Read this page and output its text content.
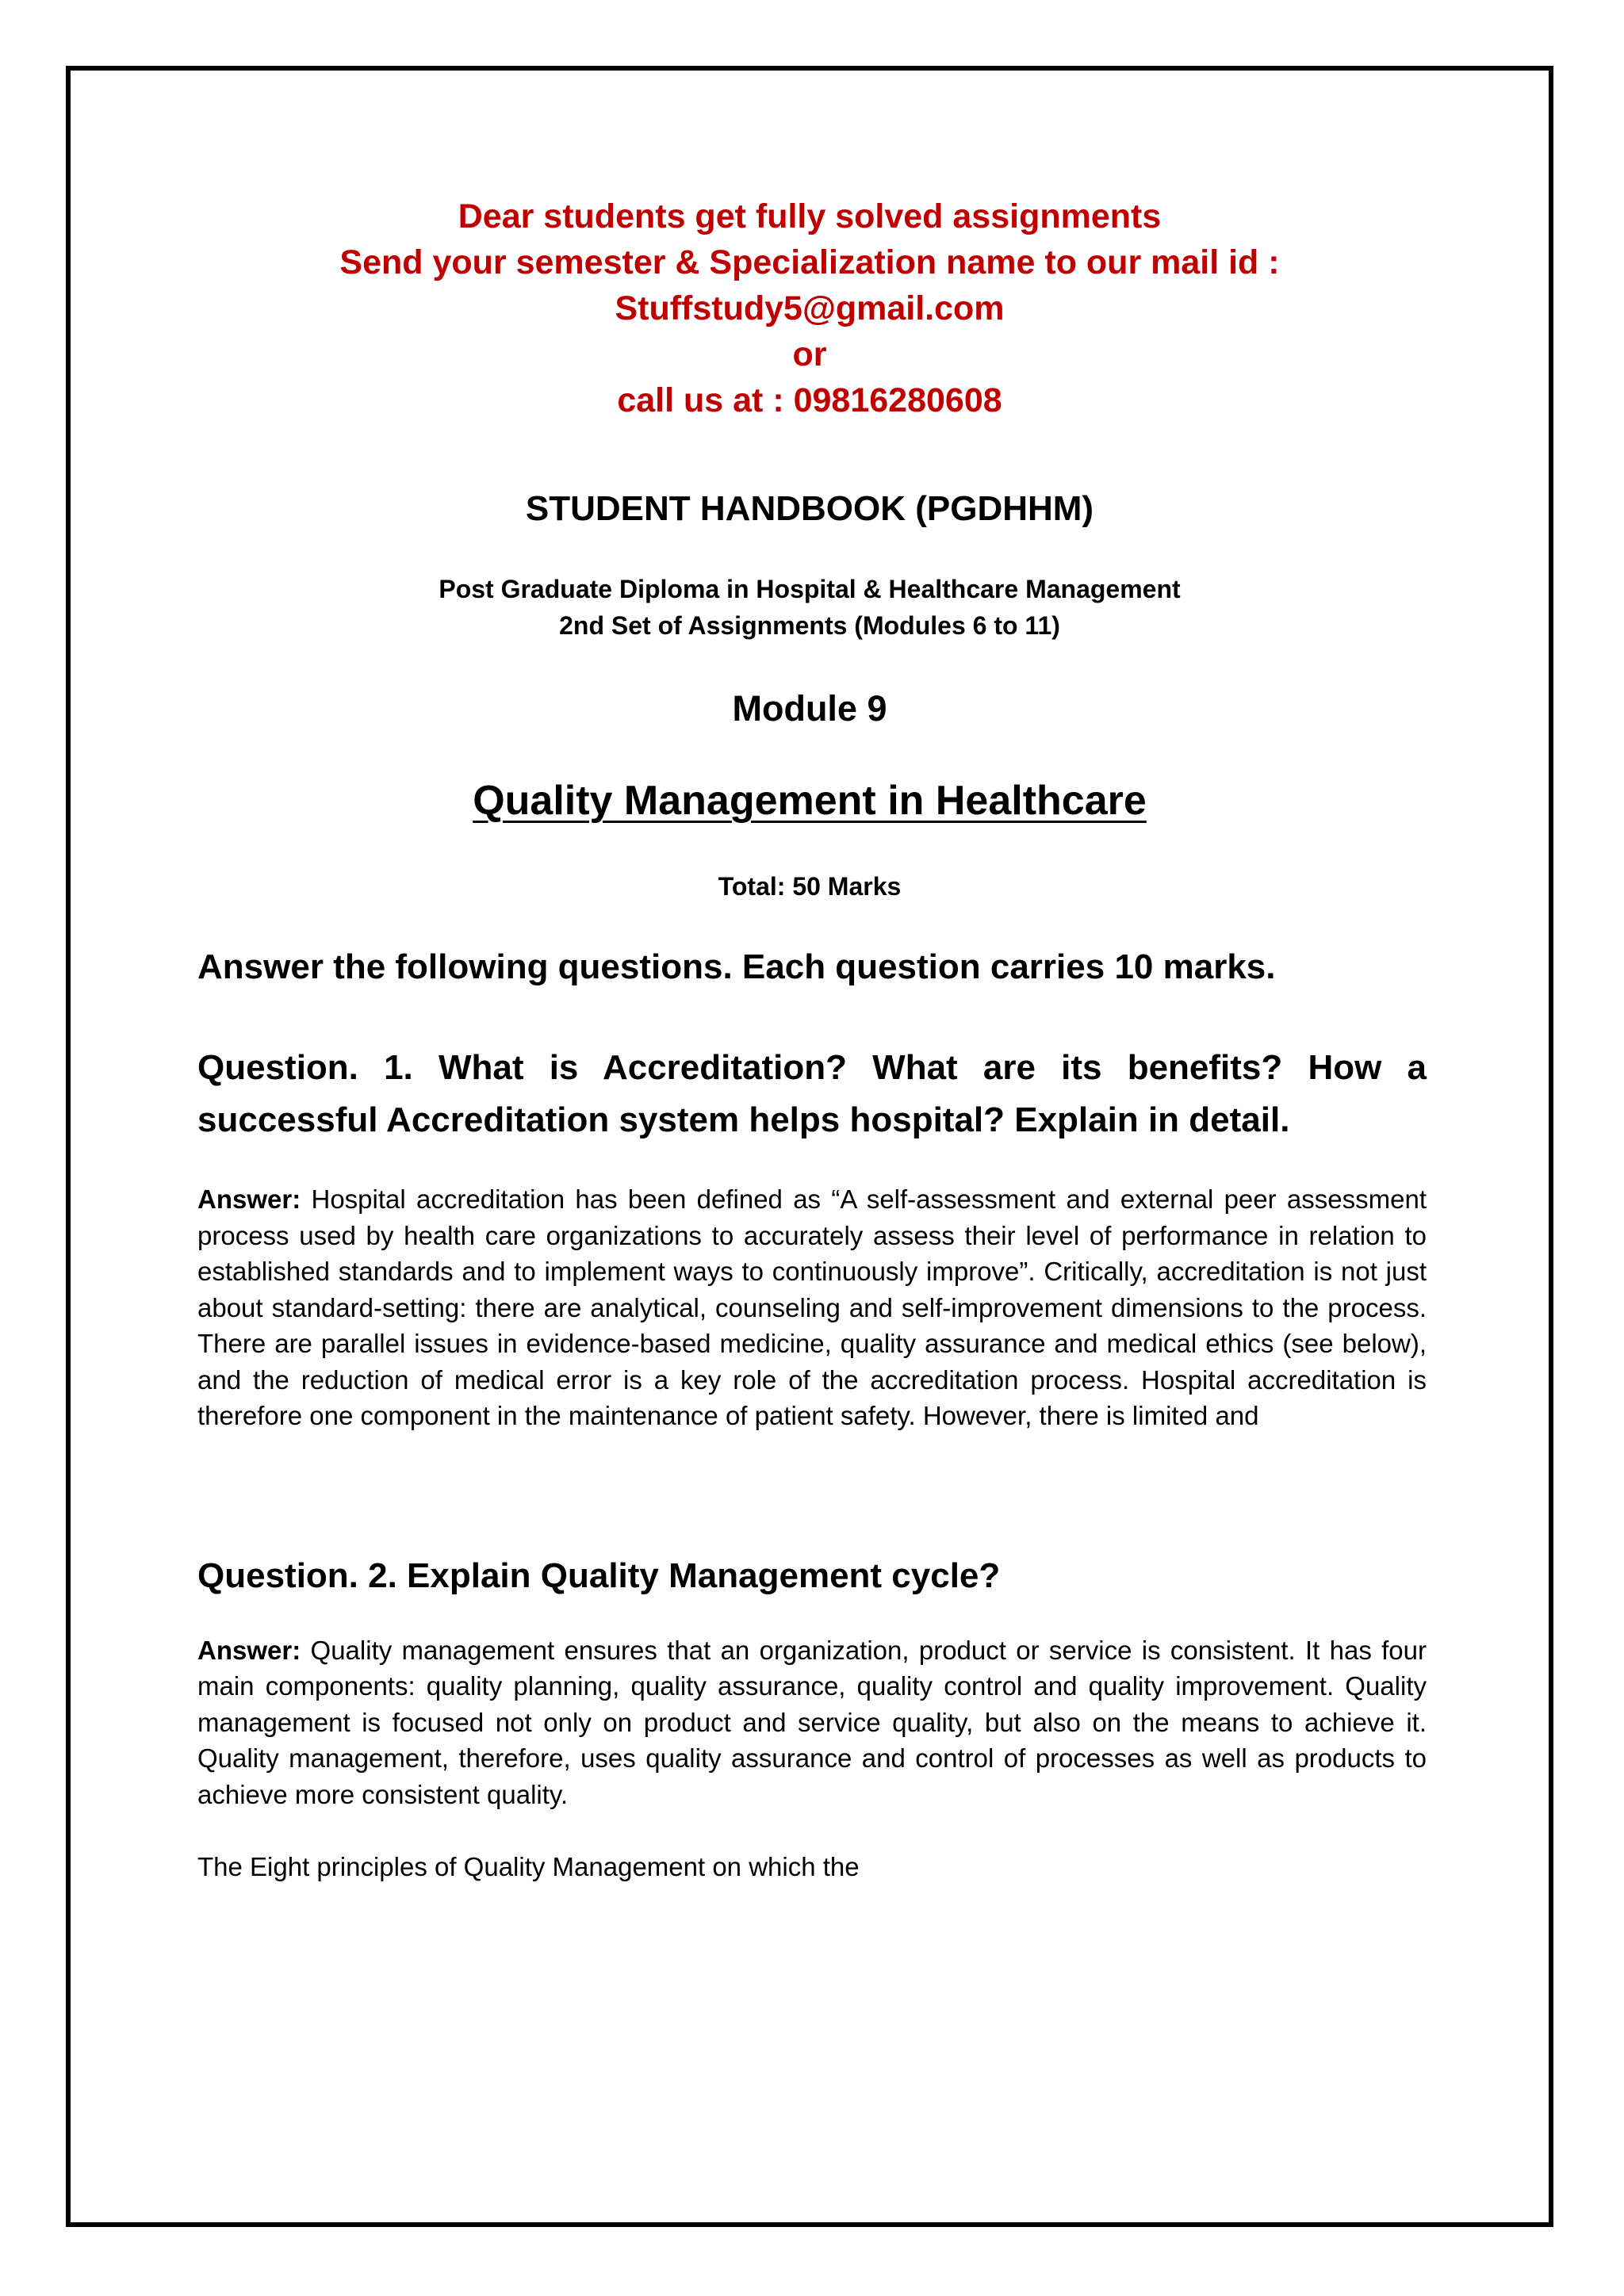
Dear students get fully solved assignments
Send your semester & Specialization name to our mail id :
Stuffstudy5@gmail.com
or
call us at : 09816280608
STUDENT HANDBOOK (PGDHHM)
Post Graduate Diploma in Hospital & Healthcare Management
2nd Set of Assignments (Modules 6 to 11)
Module 9
Quality Management in Healthcare
Total: 50 Marks

Answer the following questions. Each question carries 10 marks.

Question. 1. What is Accreditation? What are its benefits? How a successful Accreditation system helps hospital? Explain in detail.

Answer: Hospital accreditation has been defined as “A self-assessment and external peer assessment process used by health care organizations to accurately assess their level of performance in relation to established standards and to implement ways to continuously improve”. Critically, accreditation is not just about standard-setting: there are analytical, counseling and self-improvement dimensions to the process. There are parallel issues in evidence-based medicine, quality assurance and medical ethics (see below), and the reduction of medical error is a key role of the accreditation process. Hospital accreditation is therefore one component in the maintenance of patient safety. However, there is limited and

Question. 2. Explain Quality Management cycle?

Answer: Quality management ensures that an organization, product or service is consistent. It has four main components: quality planning, quality assurance, quality control and quality improvement. Quality management is focused not only on product and service quality, but also on the means to achieve it. Quality management, therefore, uses quality assurance and control of processes as well as products to achieve more consistent quality.

The Eight principles of Quality Management on which the
